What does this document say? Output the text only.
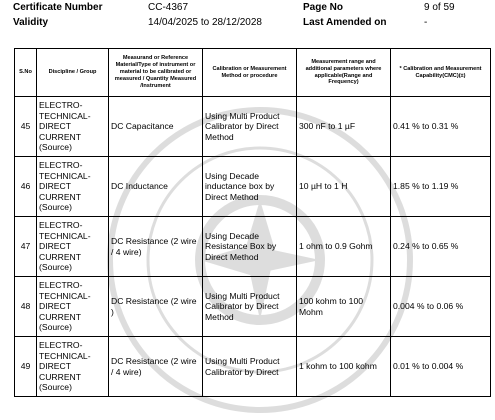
Certificate Number	CC-4367	Page No	9 of 59
Validity	14/04/2025 to 28/12/2028	Last Amended on	-
S.No	Discipline / Group	Measurand or Reference Material/Type of instrument or material to be calibrated or measured / Quantity Measured /Instrument	Calibration or Measurement Method or procedure	Measurement range and additional parameters where applicable(Range and Frequency)	* Calibration and Measurement Capability(CMC)(±)
45	ELECTRO-TECHNICAL-DIRECT CURRENT (Source)	DC Capacitance	Using Multi Product Calibrator by Direct Method	300 nF to 1 µF	0.41 % to 0.31 %
46	ELECTRO-TECHNICAL-DIRECT CURRENT (Source)	DC Inductance	Using Decade inductance box by Direct Method	10 µH to 1 H	1.85 % to 1.19 %
47	ELECTRO-TECHNICAL-DIRECT CURRENT (Source)	DC Resistance (2 wire / 4 wire)	Using Decade Resistance Box by Direct Method	1 ohm to 0.9 Gohm	0.24 % to 0.65 %
48	ELECTRO-TECHNICAL-DIRECT CURRENT (Source)	DC Resistance (2 wire )	Using Multi Product Calibrator by Direct Method	100 kohm to 100 Mohm	0.004 % to 0.06 %
49	ELECTRO-TECHNICAL-DIRECT CURRENT (Source)	DC Resistance (2 wire / 4 wire)	Using Multi Product Calibrator by Direct	1 kohm to 100 kohm	0.01 % to 0.004 %
